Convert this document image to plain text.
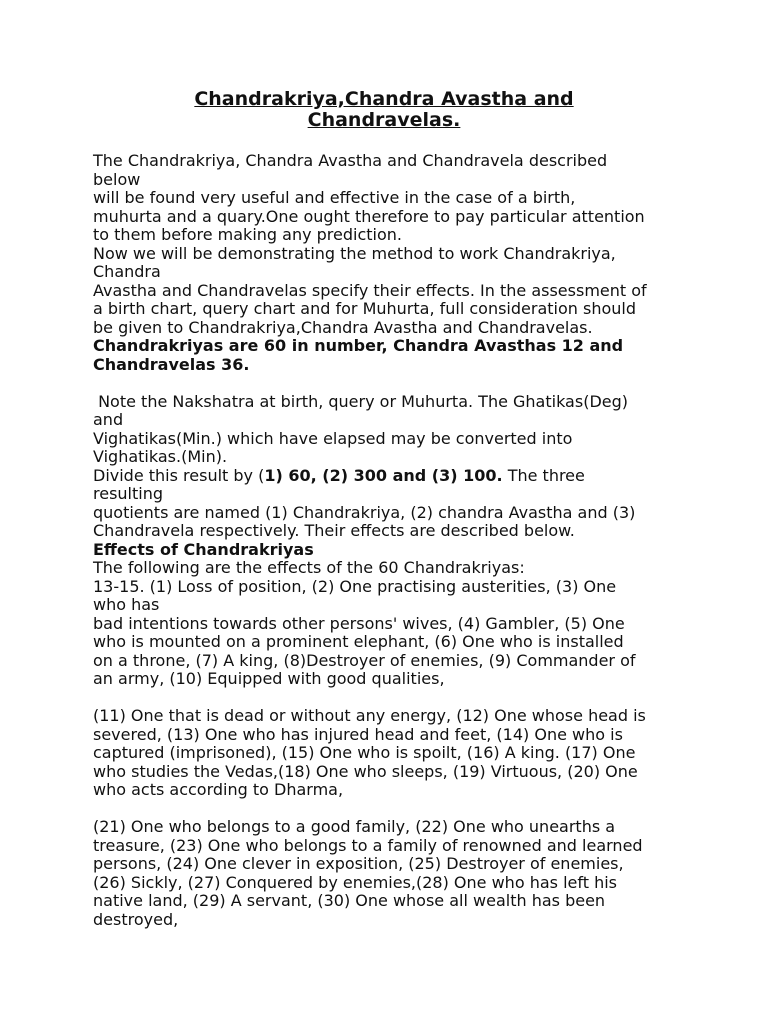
Chandrakriya,Chandra Avastha and
Chandravelas.
The Chandrakriya, Chandra Avastha and Chandravela described
below
will be found very useful and effective in the case of a birth,
muhurta and a quary.One ought therefore to pay particular attention
to them before making any prediction.
Now we will be demonstrating the method to work Chandrakriya,
Chandra
Avastha and Chandravelas specify their effects. In the assessment of
a birth chart, query chart and for Muhurta, full consideration should
be given to Chandrakriya,Chandra Avastha and Chandravelas.
Chandrakriyas are 60 in number, Chandra Avasthas 12 and
Chandravelas 36.
Note the Nakshatra at birth, query or Muhurta. The Ghatikas(Deg)
and
Vighatikas(Min.) which have elapsed may be converted into
Vighatikas.(Min).
Divide this result by (1) 60, (2) 300 and (3) 100. The three
resulting
quotients are named (1) Chandrakriya, (2) chandra Avastha and (3)
Chandravela respectively. Their effects are described below.
Effects of Chandrakriyas
The following are the effects of the 60 Chandrakriyas:
13-15. (1) Loss of position, (2) One practising austerities, (3) One
who has
bad intentions towards other persons' wives, (4) Gambler, (5) One
who is mounted on a prominent elephant, (6) One who is installed
on a throne, (7) A king, (8)Destroyer of enemies, (9) Commander of
an army, (10) Equipped with good qualities,
(11) One that is dead or without any energy, (12) One whose head is
severed, (13) One who has injured head and feet, (14) One who is
captured (imprisoned), (15) One who is spoilt, (16) A king. (17) One
who studies the Vedas,(18) One who sleeps, (19) Virtuous, (20) One
who acts according to Dharma,
(21) One who belongs to a good family, (22) One who unearths a
treasure, (23) One who belongs to a family of renowned and learned
persons, (24) One clever in exposition, (25) Destroyer of enemies,
(26) Sickly, (27) Conquered by enemies,(28) One who has left his
native land, (29) A servant, (30) One whose all wealth has been
destroyed,
